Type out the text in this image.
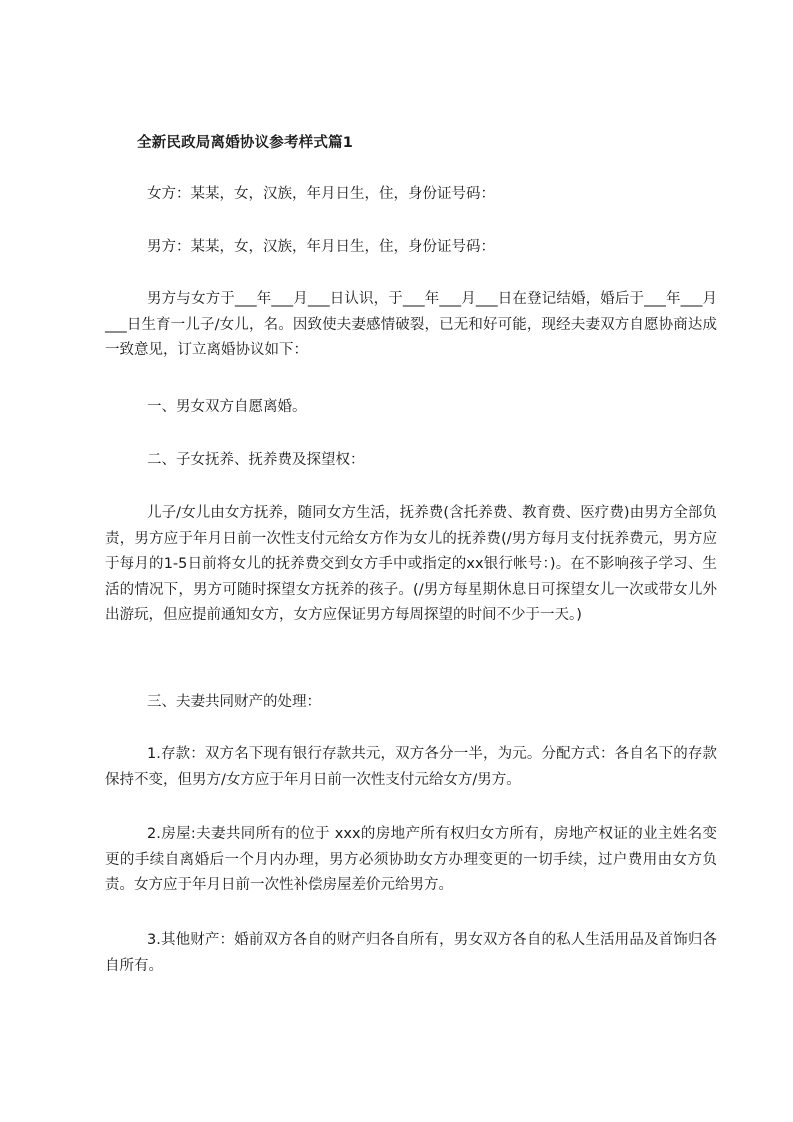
全新民政局离婚协议参考样式篇1

女方：某某，女，汉族，年月日生，住，身份证号码：

男方：某某，女，汉族，年月日生，住，身份证号码：

男方与女方于___年___月___日认识，于___年___月___日在登记结婚，婚后于___年___月___日生育一儿子/女儿，名。因致使夫妻感情破裂，已无和好可能，现经夫妻双方自愿协商达成一致意见，订立离婚协议如下：

一、男女双方自愿离婚。

二、子女抚养、抚养费及探望权：

儿子/女儿由女方抚养，随同女方生活，抚养费(含托养费、教育费、医疗费)由男方全部负责，男方应于年月日前一次性支付元给女方作为女儿的抚养费(/男方每月支付抚养费元，男方应于每月的1-5日前将女儿的抚养费交到女方手中或指定的xx银行帐号：)。在不影响孩子学习、生活的情况下，男方可随时探望女方抚养的孩子。(/男方每星期休息日可探望女儿一次或带女儿外出游玩，但应提前通知女方，女方应保证男方每周探望的时间不少于一天。)

三、夫妻共同财产的处理：

1.存款：双方名下现有银行存款共元，双方各分一半，为元。分配方式：各自名下的存款保持不变，但男方/女方应于年月日前一次性支付元给女方/男方。

2.房屋:夫妻共同所有的位于 xxx的房地产所有权归女方所有，房地产权证的业主姓名变更的手续自离婚后一个月内办理，男方必须协助女方办理变更的一切手续，过户费用由女方负责。女方应于年月日前一次性补偿房屋差价元给男方。

3.其他财产：婚前双方各自的财产归各自所有，男女双方各自的私人生活用品及首饰归各自所有。
